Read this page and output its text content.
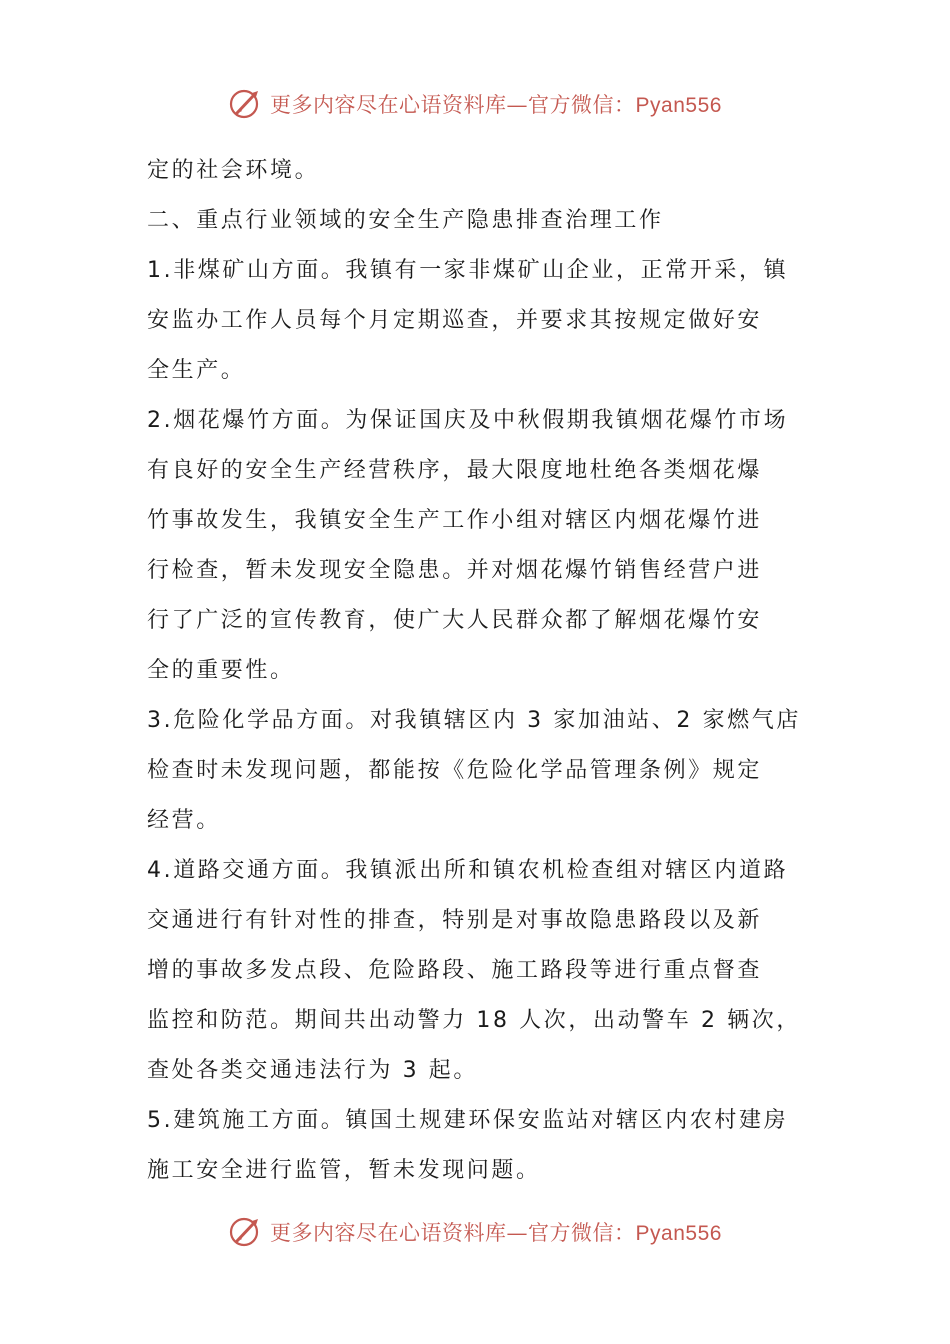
更多内容尽在心语资料库—官方微信：Pyan556
定的社会环境。
二、重点行业领域的安全生产隐患排查治理工作
1.非煤矿山方面。我镇有一家非煤矿山企业，正常开采，镇
安监办工作人员每个月定期巡查，并要求其按规定做好安
全生产。
2.烟花爆竹方面。为保证国庆及中秋假期我镇烟花爆竹市场
有良好的安全生产经营秩序，最大限度地杜绝各类烟花爆
竹事故发生，我镇安全生产工作小组对辖区内烟花爆竹进
行检查，暂未发现安全隐患。并对烟花爆竹销售经营户进
行了广泛的宣传教育，使广大人民群众都了解烟花爆竹安
全的重要性。
3.危险化学品方面。对我镇辖区内 3 家加油站、2 家燃气店
检查时未发现问题，都能按《危险化学品管理条例》规定
经营。
4.道路交通方面。我镇派出所和镇农机检查组对辖区内道路
交通进行有针对性的排查，特别是对事故隐患路段以及新
增的事故多发点段、危险路段、施工路段等进行重点督查
监控和防范。期间共出动警力 18 人次，出动警车 2 辆次，
查处各类交通违法行为 3 起。
5.建筑施工方面。镇国土规建环保安监站对辖区内农村建房
施工安全进行监管，暂未发现问题。
更多内容尽在心语资料库—官方微信：Pyan556
